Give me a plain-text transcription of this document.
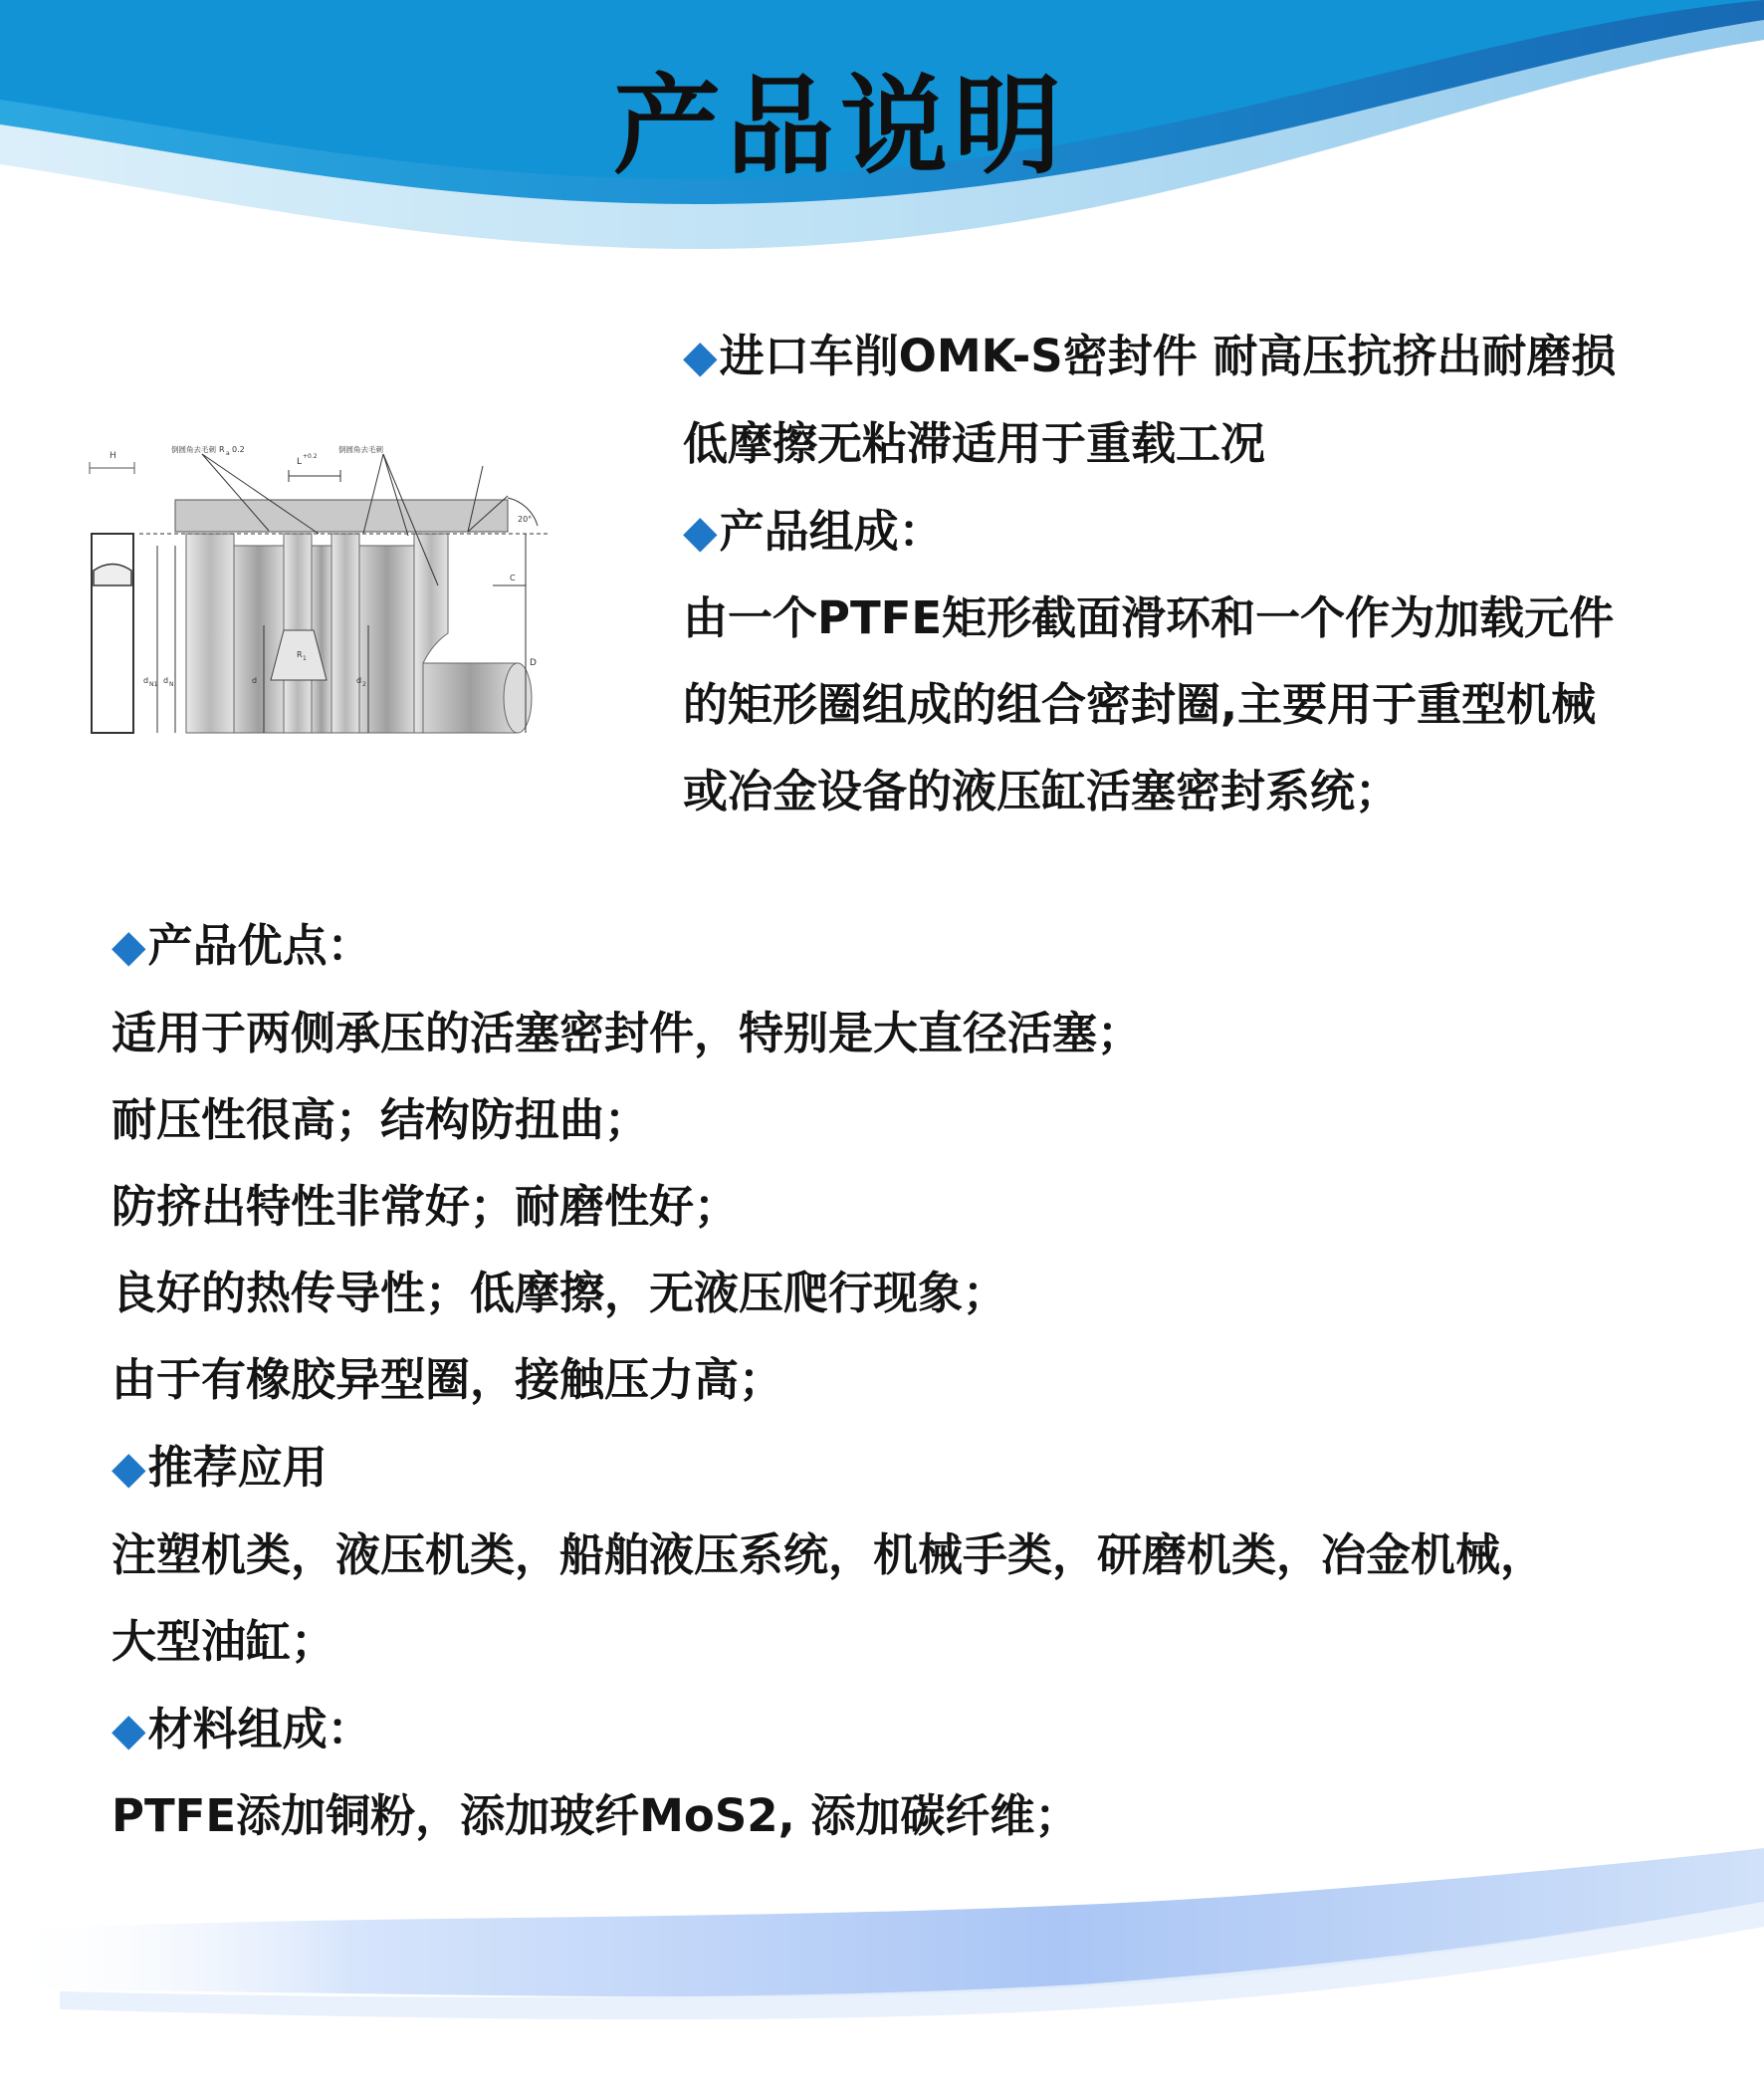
产品说明
H
倒圆角去毛刺	倒圆角去毛刺
R a 0.2
L
+0.2
20°
C
R 1
d N1 d N	d	d 2
D
◆进口车削OMK-S密封件 耐高压抗挤出耐磨损
低摩擦无粘滞适用于重载工况
◆产品组成：
由一个PTFE矩形截面滑环和一个作为加载元件
的矩形圈组成的组合密封圈,主要用于重型机械
或冶金设备的液压缸活塞密封系统；
◆产品优点：
适用于两侧承压的活塞密封件，特别是大直径活塞；
耐压性很高；结构防扭曲；
防挤出特性非常好；耐磨性好；
良好的热传导性；低摩擦，无液压爬行现象；
由于有橡胶异型圈，接触压力高；
◆推荐应用
注塑机类，液压机类，船舶液压系统，机械手类，研磨机类，冶金机械，
大型油缸；
◆材料组成：
PTFE添加铜粉，添加玻纤MoS2, 添加碳纤维；
